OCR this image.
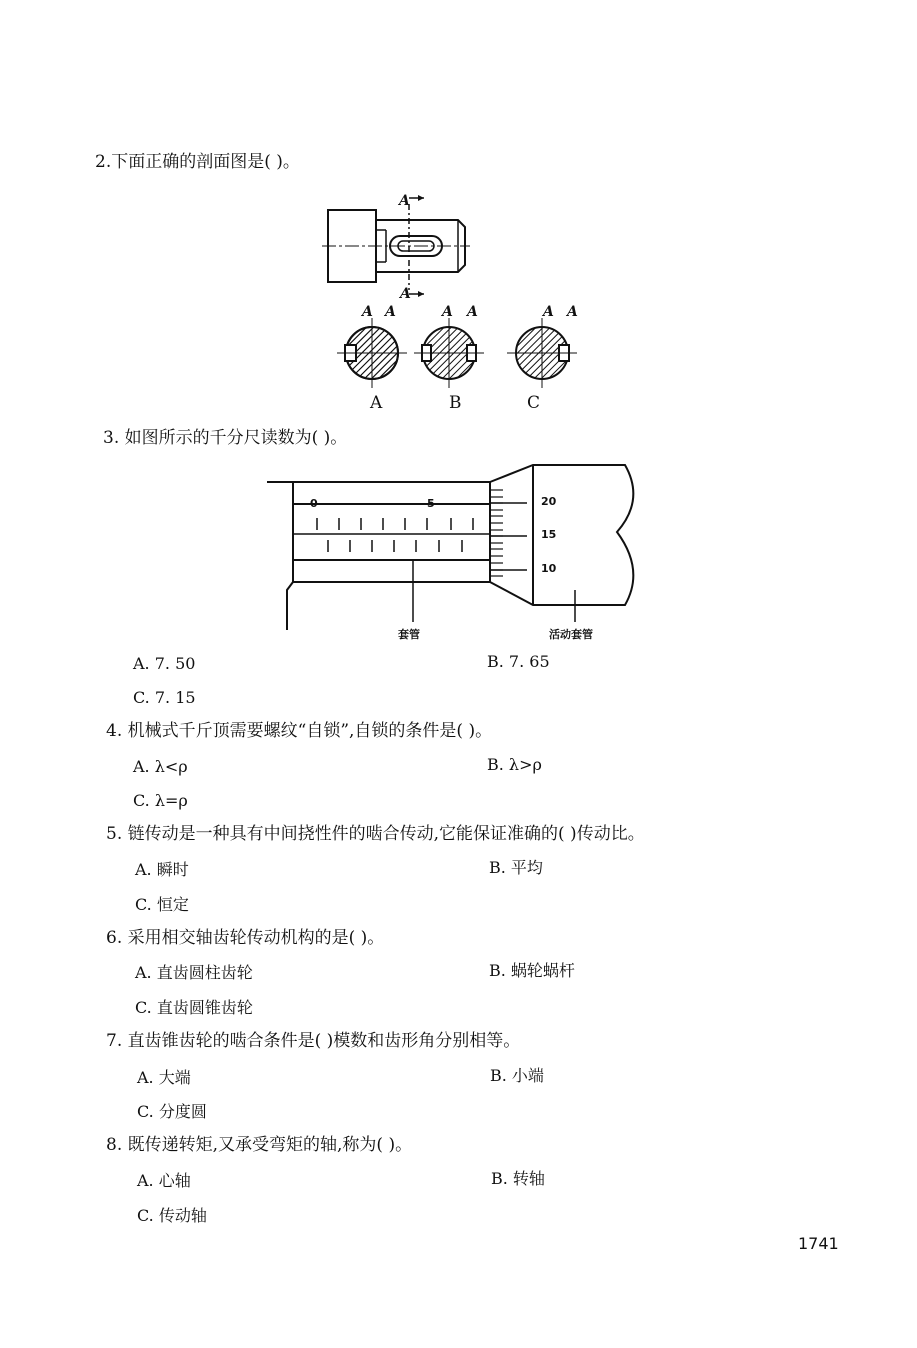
2.下面正确的剖面图是( )。
A
A
A A	A A	A A
A	B	C
3. 如图所示的千分尺读数为( )。
0	5	20
15
10
套管	活动套管
A. 7. 50	B. 7. 65
C. 7. 15
4. 机械式千斤顶需要螺纹“自锁”,自锁的条件是( )。
A. λ<ρ	B. λ>ρ
C. λ=ρ
5. 链传动是一种具有中间挠性件的啮合传动,它能保证准确的( )传动比。
A. 瞬时	B. 平均
C. 恒定
6. 采用相交轴齿轮传动机构的是( )。
A. 直齿圆柱齿轮	B. 蜗轮蜗杆
C. 直齿圆锥齿轮
7. 直齿锥齿轮的啮合条件是( )模数和齿形角分别相等。
A. 大端	B. 小端
C. 分度圆
8. 既传递转矩,又承受弯矩的轴,称为( )。
A. 心轴	B. 转轴
C. 传动轴
1741
